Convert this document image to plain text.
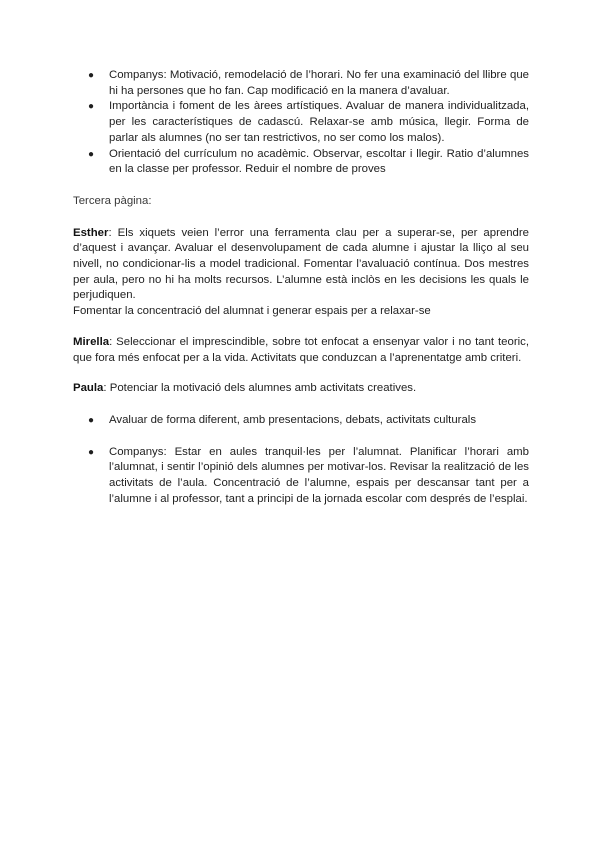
● Companys: Motivació, remodelació de l’horari. No fer una examinació del llibre que hi ha persones que ho fan. Cap modificació en la manera d’avaluar.
● Importància i foment de les àrees artístiques. Avaluar de manera individualitzada, per les característiques de cadascú. Relaxar-se amb música, llegir. Forma de parlar als alumnes (no ser tan restrictivos, no ser como los malos).
● Orientació del currículum no acadèmic. Observar, escoltar i llegir. Ratio d’alumnes en la classe per professor. Reduir el nombre de proves

Tercera pàgina:

Esther: Els xiquets veien l’error una ferramenta clau per a superar-se, per aprendre d’aquest i avançar. Avaluar el desenvolupament de cada alumne i ajustar la lliço al seu nivell, no condicionar-lis a model tradicional. Fomentar l’avaluació contínua. Dos mestres per aula, pero no hi ha molts recursos. L’alumne està inclòs en les decisions les quals le perjudiquen.

Fomentar la concentració del alumnat i generar espais per a relaxar-se

Mirella: Seleccionar el imprescindible, sobre tot enfocat a ensenyar valor i no tant teoric, que fora més enfocat per a la vida. Activitats que conduzcan a l’aprenentatge amb criteri.

Paula: Potenciar la motivació dels alumnes amb activitats creatives.

● Avaluar de forma diferent, amb presentacions, debats, activitats culturals
● Companys: Estar en aules tranquil·les per l’alumnat. Planificar l’horari amb l’alumnat, i sentir l’opinió dels alumnes per motivar-los. Revisar la realització de les activitats de l’aula. Concentració de l’alumne, espais per descansar tant per a l’alumne i al professor, tant a principi de la jornada escolar com després de l’esplai.
